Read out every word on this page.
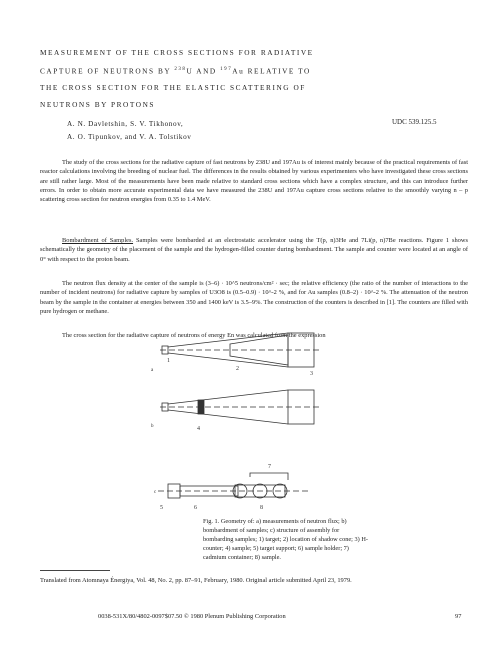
MEASUREMENT OF THE CROSS SECTIONS FOR RADIATIVE
CAPTURE OF NEUTRONS BY $^{238}$U AND $^{197}$Au RELATIVE TO
THE CROSS SECTION FOR THE ELASTIC SCATTERING OF
NEUTRONS BY PROTONS
A. N. Davletshin, S. V. Tikhonov,
A. O. Tipunkov, and V. A. Tolstikov
UDC 539.125.5
The study of the cross sections for the radiative capture of fast neutrons by 238U and 197Au is of interest mainly because of the practical requirements of fast reactor calculations involving the breeding of nuclear fuel. The differences in the results obtained by various experimenters who have investigated these cross sections are still rather large. Most of the measurements have been made relative to standard cross sections which have a complex structure, and this can introduce further errors. In order to obtain more accurate experimental data we have measured the 238U and 197Au capture cross sections relative to the smoothly varying n – p scattering cross section for neutron energies from 0.35 to 1.4 MeV.
Bombardment of Samples. Samples were bombarded at an electrostatic accelerator using the T(p, n)3He and 7Li(p, n)7Be reactions. Figure 1 shows schematically the geometry of the placement of the sample and the hydrogen-filled counter during bombardment. The sample and counter were located at an angle of 0° with respect to the proton beam.
The neutron flux density at the center of the sample is (3–6) · 10^5 neutrons/cm² · sec; the relative efficiency (the ratio of the number of interactions to the number of incident neutrons) for radiative capture by samples of U3O8 is (0.5–0.9) · 10^-2 %, and for Au samples (0.8–2) · 10^-2 %. The attenuation of the neutron beam by the sample in the container at energies between 350 and 1400 keV is 3.5–9%. The construction of the counters is described in [1]. The counters are filled with pure hydrogen or methane.
The cross section for the radiative capture of neutrons of energy En was calculated from the expression
a
1
2
3
b	4
c
7
5	6	8
Fig. 1. Geometry of: a) measurements of neutron flux; b) bombardment of samples; c) structure of assembly for bombarding samples; 1) target; 2) location of shadow cone; 3) H-counter; 4) sample; 5) target support; 6) sample holder; 7) cadmium container; 8) sample.
Translated from Atomnaya Énergiya, Vol. 48, No. 2, pp. 87–91, February, 1980. Original article submitted April 23, 1979.
0038-531X/80/4802-0097$07.50 © 1980 Plenum Publishing Corporation	97
